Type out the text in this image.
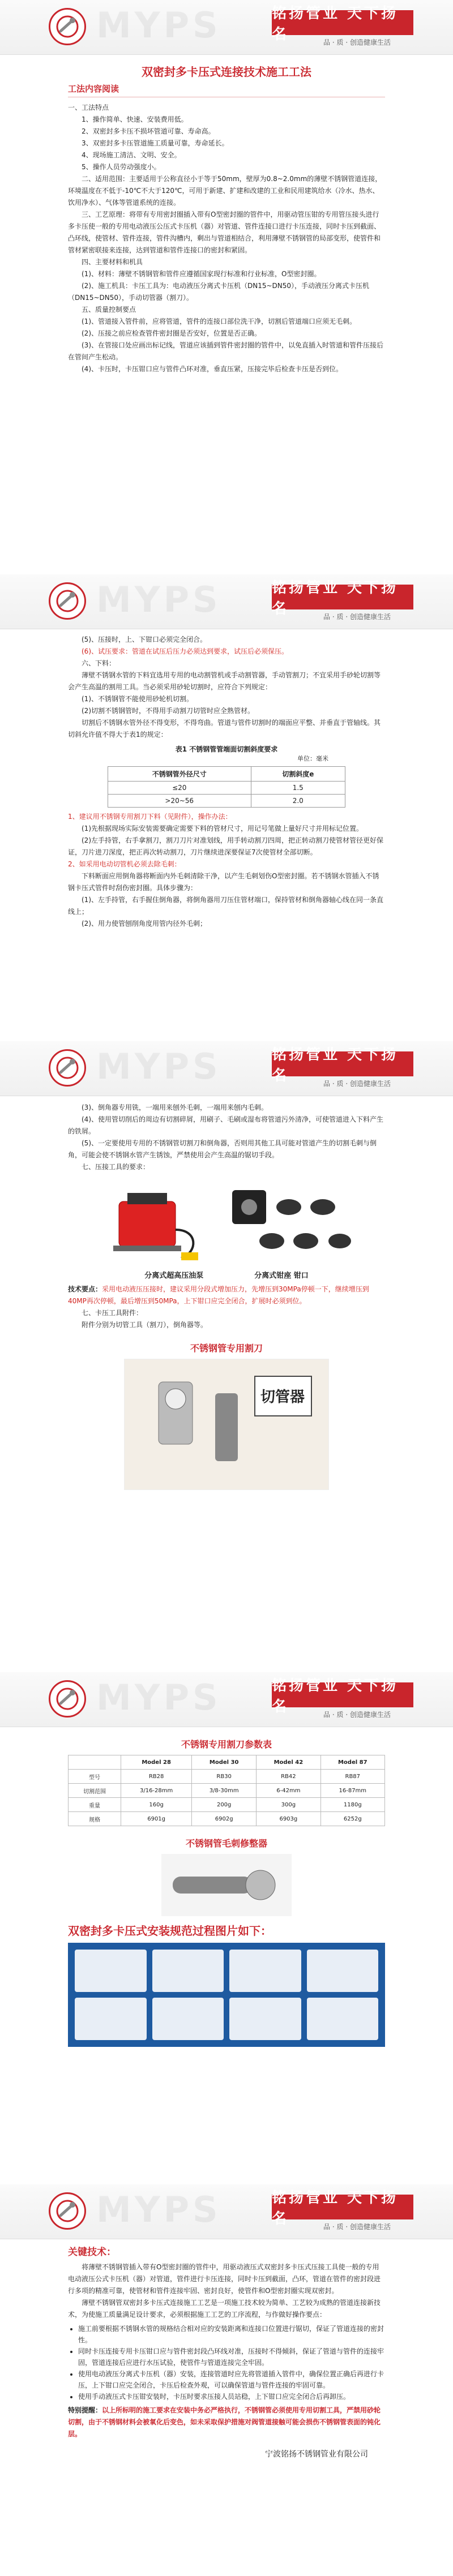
MYPS	铭扬管业 天下扬名	品 · 质 · 创造健康生活
双密封多卡压式连接技术施工工法
工法内容阅读
一、工法特点
1、操作简单、快速、安装费用低。
2、双密封多卡压不损坏管道可靠、寿命高。
3、双密封多卡压管道施工质量可靠，寿命延长。
4、现场施工清洁、文明、安全。
5、操作人员劳动强度小。
二、适用范围：主要适用于公称直径小于等于50mm，壁厚为0.8~2.0mm的薄壁不锈钢管道连接，环境温度在不低于-10℃不大于120℃，可用于新建、扩建和改建的工业和民用建筑给水（冷水、热水、饮用净水）、气体等管道系统的连接。
三、工艺原理：将带有专用密封圈插入带有O型密封圈的管件中，用驱动管压钳的专用管压接头进行多卡压使一般的专用电动液压公压式卡压机（器）对管道、管件连接口进行卡压连接，同时卡压到截面、凸环线，使管材、管件连接，管件沟槽内，剩出与管道相结合，利用薄壁不锈钢管的局部变形，使管件和管材紧密联接来连接，达到管道和管件连接口的密封和紧固。
四、主要材料和机具
(1)、材料：薄壁不锈钢管和管件应遵循国家现行标准和行业标准，O型密封圈。
(2)、施工机具：卡压工具为：电动液压分离式卡压机（DN15~DN50），手动液压分离式卡压机（DN15~DN50），手动切管器（割刀）。
五、质量控制要点
(1)、管道接入管件前，应将管道，管件的连接口部位洗干净，切割后管道端口应须无毛刺。
(2)、压接之前应检查管件密封圈是否安好，位置是否正确。
(3)、在管接口处应画出标记线，管道应该插到管件密封圈的管件中，以免直插入时管道和管件压接后在管间产生松动。
(4)、卡压时，卡压钳口应与管件凸环对准，垂直压紧，压接完毕后检查卡压是否到位。
MYPS	铭扬管业 天下扬名	品 · 质 · 创造健康生活
(5)、压接时，上、下钳口必须完全闭合。
(6)、试压要求：管道在试压后压力必须达到要求，试压后必须保压。
六、下料：
薄壁不锈钢水管的下料宜选用专用的电动割管机或手动割管器，手动管割刀；不宜采用手砂轮切割等会产生高温的割用工具。当必须采用砂轮切割时，应符合下列规定：
(1)、不锈钢管不能使用砂轮机切割。
(2)切割不锈钢管时，不得用手动割刀切管时应全熟管材。
切割后不锈钢水管外径不得变形，不得弯曲。管道与管件切割时的端面应平整、并垂直于管轴线。其切斜允许值不得大于表1的规定：
表1 不锈钢管管端面切割斜度要求
单位：毫米
不锈钢管外径尺寸	切割斜度e
≤20	1.5
>20~56	2.0
1、建议用不锈钢专用割刀下料（见附件），操作办法：
(1)先根据现场实际安装需要确定需要下料的管材尺寸，用记号笔做上量好尺寸并用标记位置。
(2)左手持管，右手拿割刀，割刀刀片对准划线，用手转动割刀四周，把正转动割刀使管材管径更好保证，刀片进刀深度，把正再次转动割刀，刀片继续进深要保证7次使管材全部切断。
2、如采用电动切管机必须去除毛刺：
下料断面应用倒角器将断面内外毛刺清除干净，以产生毛刺划伤O型密封圈。若不锈钢水管插入不锈钢卡压式管件时刮伤密封圈。具体步骤为：
(1)、左手持管，右手握住倒角器，将倒角器用刀压住管材端口，保持管材和倒角器轴心线在同一条直线上；
(2)、用力使管刨削角度用管内径外毛刺；
MYPS	铭扬管业 天下扬名	品 · 质 · 创造健康生活
(3)、倒角器专用铣，一端用来刨外毛刺，一端用来刨内毛刺。
(4)、使用管切削后的周边有切割碎屑，用刷子、毛刷或湿布将管道污外清净，可使管道进入下料产生的铁屑。
(5)、一定要使用专用的不锈钢管切割刀和倒角器，否则用其他工具可能对管道产生的切割毛刺与倒角，可能会使不锈钢水管产生锈蚀，严禁使用会产生高温的锯切手段。
七、压接工具的要求：
分离式超高压油泵	分离式钳座 钳口
技术要点：采用电动液压压接时，建议采用分段式增加压力，先增压到30MPa停顿一下，继续增压到40MP再次停顿，最后增压到50MPa，上下钳口应完全闭合，扩展时必须到位。
七、卡压工具附件：
附件分别为切管工具（割刀），倒角器等。
不锈钢管专用割刀
切管器
MYPS	铭扬管业 天下扬名	品 · 质 · 创造健康生活
不锈钢专用割刀参数表
	Model 28	Model 30	Model 42	Model 87
型号	RB28	RB30	RB42	RB87
切割范围	3/16-28mm	3/8-30mm	6-42mm	16-87mm
重量	160g	200g	300g	1180g
规格	6901g	6902g	6903g	6252g
不锈钢管毛刺修整器
双密封多卡压式安装规范过程图片如下：
MYPS	铭扬管业 天下扬名	品 · 质 · 创造健康生活
关键技术：
将薄壁不锈钢管插入带有O型密封圈的管件中，用驱动液压式双密封多卡压式压接工具使一般的专用电动液压公式卡压机（器）对管道，管件进行卡压连接，同时卡压到截面，凸环，管道在管件的密封段进行多项的精准可靠，使管材和管件连接牢固、密封良好，使管件和O型密封圈实现双密封。
薄壁不锈钢管双密封多卡压式连接施工工艺是一项施工技术较为简单、工艺较为成熟的管道连接新技术，为使施工质量满足设计要求，必须根据施工工艺的工序流程，与作做好操作要点：
• 施工前要根据不锈钢水管的规格结合相对应的安装距离和连接口位置进行锯切，保证了管道连接的密封性。
• 同时卡压连接专用卡压钳口应与管件密封段凸环线对准，压接时不得倾斜，保证了管道与管件的连接牢固，管道连接后应进行水压试验，使管件与管道连接完全牢固。
• 使用电动液压分离式卡压机（器）安装，连接管道时应先将管道插入管件中，确保位置正确后再进行卡压，上下钳口应完全闭合，卡压后检查外观，可以确保管道与管件连接的牢固可靠。
• 使用手动液压式卡压钳安装时，卡压时要求压接人员站稳，上下钳口应完全闭合后再卸压。
特别提醒：以上所标明的施工要求在安装中务必严格执行，不锈钢管必须使用专用切割工具，严禁用砂轮切割，由于不锈钢材料会被氧化后变色，如未采取保护措施对阀管道接触可能会损伤不锈钢管表面的钝化层。
宁波铭扬不锈钢管业有限公司
